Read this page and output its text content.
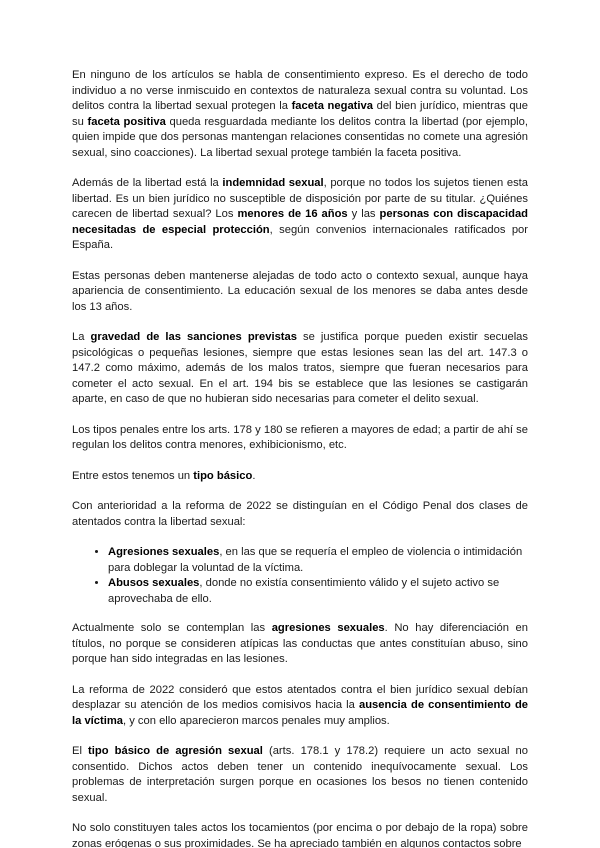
En ninguno de los artículos se habla de consentimiento expreso. Es el derecho de todo individuo a no verse inmiscuido en contextos de naturaleza sexual contra su voluntad. Los delitos contra la libertad sexual protegen la faceta negativa del bien jurídico, mientras que su faceta positiva queda resguardada mediante los delitos contra la libertad (por ejemplo, quien impide que dos personas mantengan relaciones consentidas no comete una agresión sexual, sino coacciones). La libertad sexual protege también la faceta positiva.

Además de la libertad está la indemnidad sexual, porque no todos los sujetos tienen esta libertad. Es un bien jurídico no susceptible de disposición por parte de su titular. ¿Quiénes carecen de libertad sexual? Los menores de 16 años y las personas con discapacidad necesitadas de especial protección, según convenios internacionales ratificados por España.

Estas personas deben mantenerse alejadas de todo acto o contexto sexual, aunque haya apariencia de consentimiento. La educación sexual de los menores se daba antes desde los 13 años.

La gravedad de las sanciones previstas se justifica porque pueden existir secuelas psicológicas o pequeñas lesiones, siempre que estas lesiones sean las del art. 147.3 o 147.2 como máximo, además de los malos tratos, siempre que fueran necesarios para cometer el acto sexual. En el art. 194 bis se establece que las lesiones se castigarán aparte, en caso de que no hubieran sido necesarias para cometer el delito sexual.

Los tipos penales entre los arts. 178 y 180 se refieren a mayores de edad; a partir de ahí se regulan los delitos contra menores, exhibicionismo, etc.

Entre estos tenemos un tipo básico.

Con anterioridad a la reforma de 2022 se distinguían en el Código Penal dos clases de atentados contra la libertad sexual:

• Agresiones sexuales, en las que se requería el empleo de violencia o intimidación para doblegar la voluntad de la víctima.
• Abusos sexuales, donde no existía consentimiento válido y el sujeto activo se aprovechaba de ello.

Actualmente solo se contemplan las agresiones sexuales. No hay diferenciación en títulos, no porque se consideren atípicas las conductas que antes constituían abuso, sino porque han sido integradas en las lesiones.

La reforma de 2022 consideró que estos atentados contra el bien jurídico sexual debían desplazar su atención de los medios comisivos hacia la ausencia de consentimiento de la víctima, y con ello aparecieron marcos penales muy amplios.

El tipo básico de agresión sexual (arts. 178.1 y 178.2) requiere un acto sexual no consentido. Dichos actos deben tener un contenido inequívocamente sexual. Los problemas de interpretación surgen porque en ocasiones los besos no tienen contenido sexual.

No solo constituyen tales actos los tocamientos (por encima o por debajo de la ropa) sobre zonas erógenas o sus proximidades. Se ha apreciado también en algunos contactos sobre
